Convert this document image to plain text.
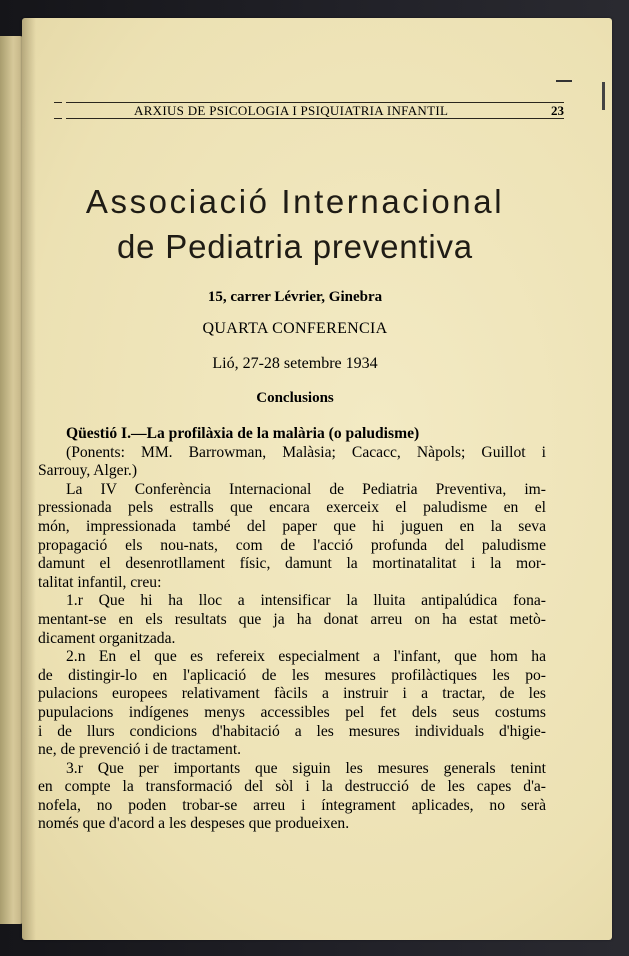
ARXIUS DE PSICOLOGIA I PSIQUIATRIA INFANTIL	23
Associació Internacional
de Pediatria preventiva
15, carrer Lévrier, Ginebra
QUARTA CONFERENCIA
Lió, 27-28 setembre 1934
Conclusions
Qüestió I.—La profilàxia de la malària (o paludisme)
(Ponents: MM. Barrowman, Malàsia; Cacacc, Nàpols; Guillot i
Sarrouy, Alger.)
La IV Conferència Internacional de Pediatria Preventiva, im-
pressionada pels estralls que encara exerceix el paludisme en el
món, impressionada també del paper que hi juguen en la seva
propagació els nou-nats, com de l'acció profunda del paludisme
damunt el desenrotllament físic, damunt la mortinatalitat i la mor-
talitat infantil, creu:
1.r Que hi ha lloc a intensificar la lluita antipalúdica fona-
mentant-se en els resultats que ja ha donat arreu on ha estat metò-
dicament organitzada.
2.n En el que es refereix especialment a l'infant, que hom ha
de distingir-lo en l'aplicació de les mesures profilàctiques les po-
pulacions europees relativament fàcils a instruir i a tractar, de les
pupulacions indígenes menys accessibles pel fet dels seus costums
i de llurs condicions d'habitació a les mesures individuals d'higie-
ne, de prevenció i de tractament.
3.r Que per importants que siguin les mesures generals tenint
en compte la transformació del sòl i la destrucció de les capes d'a-
nofela, no poden trobar-se arreu i íntegrament aplicades, no serà
només que d'acord a les despeses que produeixen.
